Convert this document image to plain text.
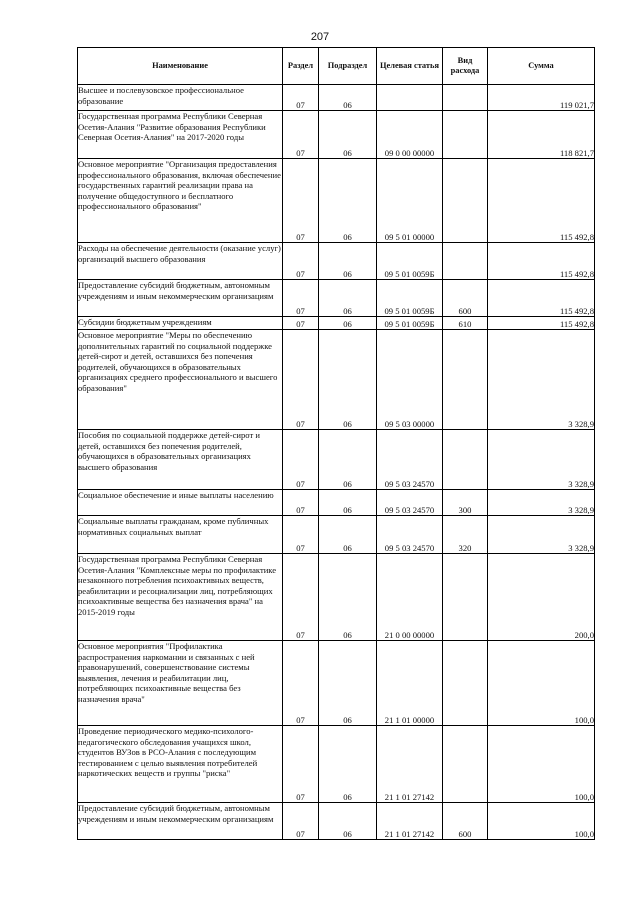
207
Наименование	Раздел	Подраздел	Целевая статья	Вид расхода	Сумма
Высшее и послевузовское профессиональное образование	07	06			119 021,7
Государственная программа Республики Северная Осетия-Алания "Развитие образования Республики Северная Осетия-Алания" на 2017-2020 годы	07	06	09 0 00 00000		118 821,7
Основное мероприятие "Организация предоставления профессионального образования, включая обеспечение государственных гарантий реализации права на получение общедоступного и бесплатного профессионального образования"	07	06	09 5 01 00000		115 492,8
Расходы на обеспечение деятельности (оказание услуг) организаций высшего образования	07	06	09 5 01 0059Б		115 492,8
Предоставление субсидий бюджетным, автономным учреждениям и иным некоммерческим организациям	07	06	09 5 01 0059Б	600	115 492,8
Субсидии бюджетным учреждениям	07	06	09 5 01 0059Б	610	115 492,8
Основное мероприятие "Меры по обеспечению дополнительных гарантий по социальной поддержке детей-сирот и детей, оставшихся без попечения родителей, обучающихся в образовательных организациях среднего профессионального и высшего образования"	07	06	09 5 03 00000		3 328,9
Пособия по социальной поддержке детей-сирот и детей, оставшихся без попечения родителей, обучающихся в образовательных организациях высшего образования	07	06	09 5 03 24570		3 328,9
Социальное обеспечение и иные выплаты населению	07	06	09 5 03 24570	300	3 328,9
Социальные выплаты гражданам, кроме публичных нормативных социальных выплат	07	06	09 5 03 24570	320	3 328,9
Государственная программа Республики Северная Осетия-Алания "Комплексные меры по профилактике незаконного потребления психоактивных веществ, реабилитации и ресоциализации лиц, потребляющих психоактивные вещества без назначения врача" на 2015-2019 годы	07	06	21 0 00 00000		200,0
Основное мероприятия "Профилактика распространения наркомании и связанных с ней правонарушений, совершенствование системы выявления, лечения и реабилитации лиц, потребляющих психоактивные вещества без назначения врача"	07	06	21 1 01 00000		100,0
Проведение периодического медико-психолого-педагогического обследования учащихся школ, студентов ВУЗов в РСО-Алания с последующим тестированием с целью выявления потребителей наркотических веществ и группы "риска"	07	06	21 1 01 27142		100,0
Предоставление субсидий бюджетным, автономным учреждениям и иным некоммерческим организациям	07	06	21 1 01 27142	600	100,0
